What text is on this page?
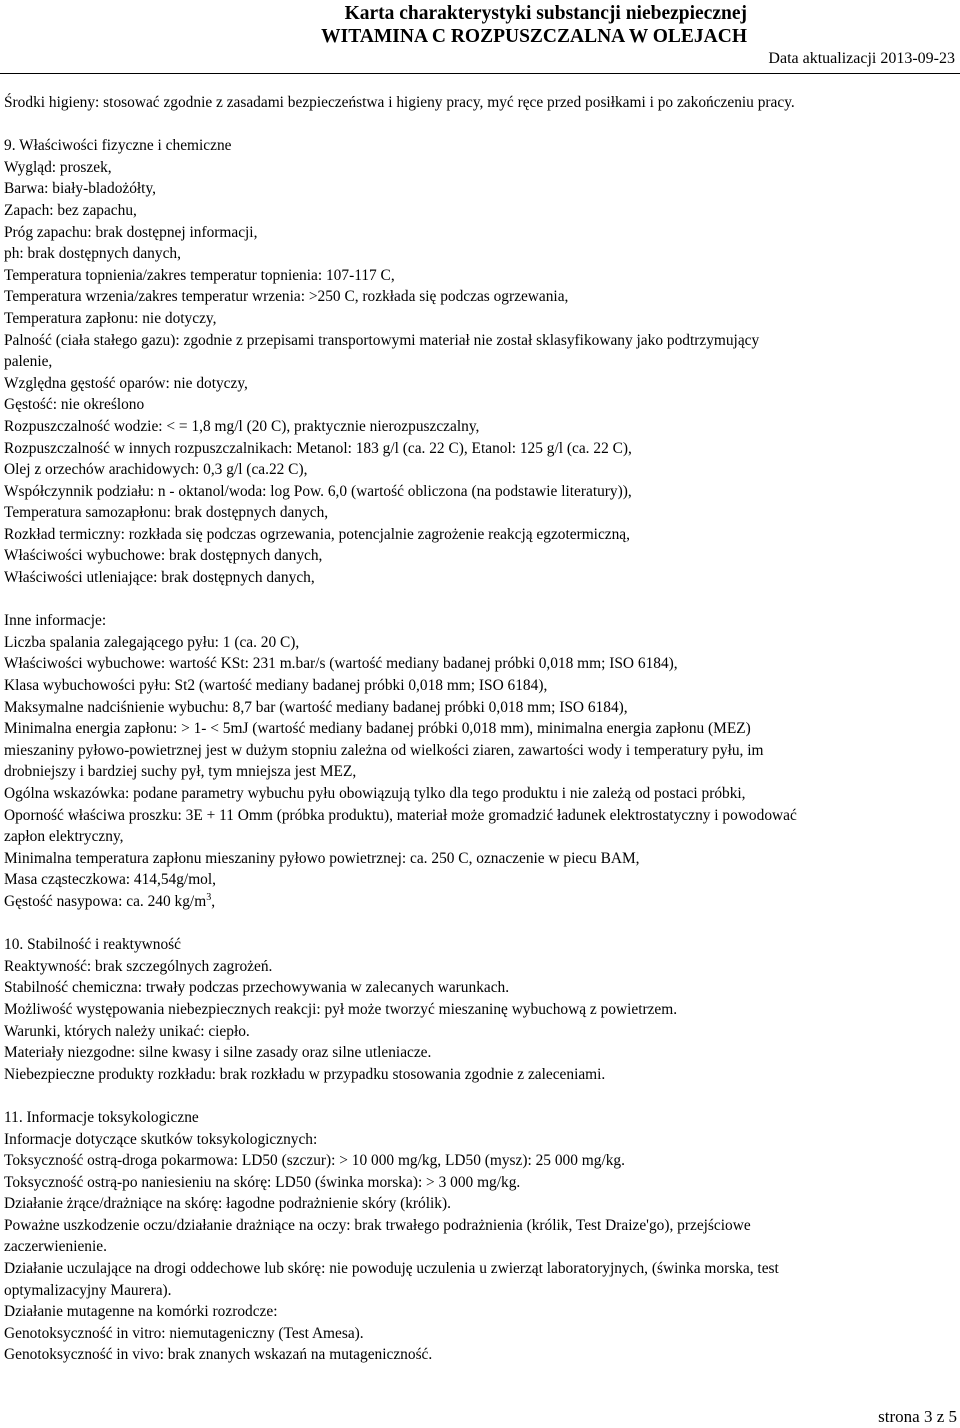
Karta charakterystyki substancji niebezpiecznej
WITAMINA C ROZPUSZCZALNA W OLEJACH
Data aktualizacji 2013-09-23
Środki higieny: stosować zgodnie z zasadami bezpieczeństwa i higieny pracy, myć ręce przed posiłkami i po zakończeniu pracy.
9. Właściwości fizyczne i chemiczne
Wygląd: proszek,
Barwa: biały-bladożółty,
Zapach: bez zapachu,
Próg zapachu: brak dostępnej informacji,
ph: brak dostępnych danych,
Temperatura topnienia/zakres temperatur topnienia: 107-117 C,
Temperatura wrzenia/zakres temperatur wrzenia: >250 C, rozkłada się podczas ogrzewania,
Temperatura zapłonu: nie dotyczy,
Palność (ciała stałego gazu): zgodnie z przepisami transportowymi materiał nie został sklasyfikowany jako podtrzymujący
palenie,
Względna gęstość oparów: nie dotyczy,
Gęstość: nie określono
Rozpuszczalność wodzie: < = 1,8 mg/l (20 C), praktycznie nierozpuszczalny,
Rozpuszczalność w innych rozpuszczalnikach: Metanol: 183 g/l (ca. 22 C), Etanol: 125 g/l (ca. 22 C),
Olej z orzechów arachidowych: 0,3 g/l (ca.22 C),
Współczynnik podziału: n - oktanol/woda: log Pow. 6,0 (wartość obliczona (na podstawie literatury)),
Temperatura samozapłonu: brak dostępnych danych,
Rozkład termiczny: rozkłada się podczas ogrzewania, potencjalnie zagrożenie reakcją egzotermiczną,
Właściwości wybuchowe: brak dostępnych danych,
Właściwości utleniające: brak dostępnych danych,
Inne informacje:
Liczba spalania zalegającego pyłu: 1 (ca. 20 C),
Właściwości wybuchowe: wartość KSt: 231 m.bar/s (wartość mediany badanej próbki 0,018 mm; ISO 6184),
Klasa wybuchowości pyłu: St2 (wartość mediany badanej próbki 0,018 mm; ISO 6184),
Maksymalne nadciśnienie wybuchu: 8,7 bar (wartość mediany badanej próbki 0,018 mm; ISO 6184),
Minimalna energia zapłonu: > 1- < 5mJ (wartość mediany badanej próbki 0,018 mm), minimalna energia zapłonu (MEZ)
mieszaniny pyłowo-powietrznej jest w dużym stopniu zależna od wielkości ziaren, zawartości wody i temperatury pyłu, im
drobniejszy i bardziej suchy pył, tym mniejsza jest MEZ,
Ogólna wskazówka: podane parametry wybuchu pyłu obowiązują tylko dla tego produktu i nie zależą od postaci próbki,
Oporność właściwa proszku: 3E + 11 Omm (próbka produktu), materiał może gromadzić ładunek elektrostatyczny i powodować
zapłon elektryczny,
Minimalna temperatura zapłonu mieszaniny pyłowo powietrznej: ca. 250 C, oznaczenie w piecu BAM,
Masa cząsteczkowa: 414,54g/mol,
Gęstość nasypowa: ca. 240 $kg/m^3$,
10. Stabilność i reaktywność
Reaktywność: brak szczególnych zagrożeń.
Stabilność chemiczna: trwały podczas przechowywania w zalecanych warunkach.
Możliwość występowania niebezpiecznych reakcji: pył może tworzyć mieszaninę wybuchową z powietrzem.
Warunki, których należy unikać: ciepło.
Materiały niezgodne: silne kwasy i silne zasady oraz silne utleniacze.
Niebezpieczne produkty rozkładu: brak rozkładu w przypadku stosowania zgodnie z zaleceniami.
11. Informacje toksykologiczne
Informacje dotyczące skutków toksykologicznych:
Toksyczność ostrą-droga pokarmowa: LD50 (szczur): > 10 000 mg/kg, LD50 (mysz): 25 000 mg/kg.
Toksyczność ostrą-po naniesieniu na skórę: LD50 (świnka morska): > 3 000 mg/kg.
Działanie żrące/drażniące na skórę: łagodne podrażnienie skóry (królik).
Poważne uszkodzenie oczu/działanie drażniące na oczy: brak trwałego podrażnienia (królik, Test Draize'go), przejściowe
zaczerwienienie.
Działanie uczulające na drogi oddechowe lub skórę: nie powoduję uczulenia u zwierząt laboratoryjnych, (świnka morska, test
optymalizacyjny Maurera).
Działanie mutagenne na komórki rozrodcze:
Genotoksyczność in vitro: niemutageniczny (Test Amesa).
Genotoksyczność in vivo: brak znanych wskazań na mutageniczność.
strona 3 z 5
